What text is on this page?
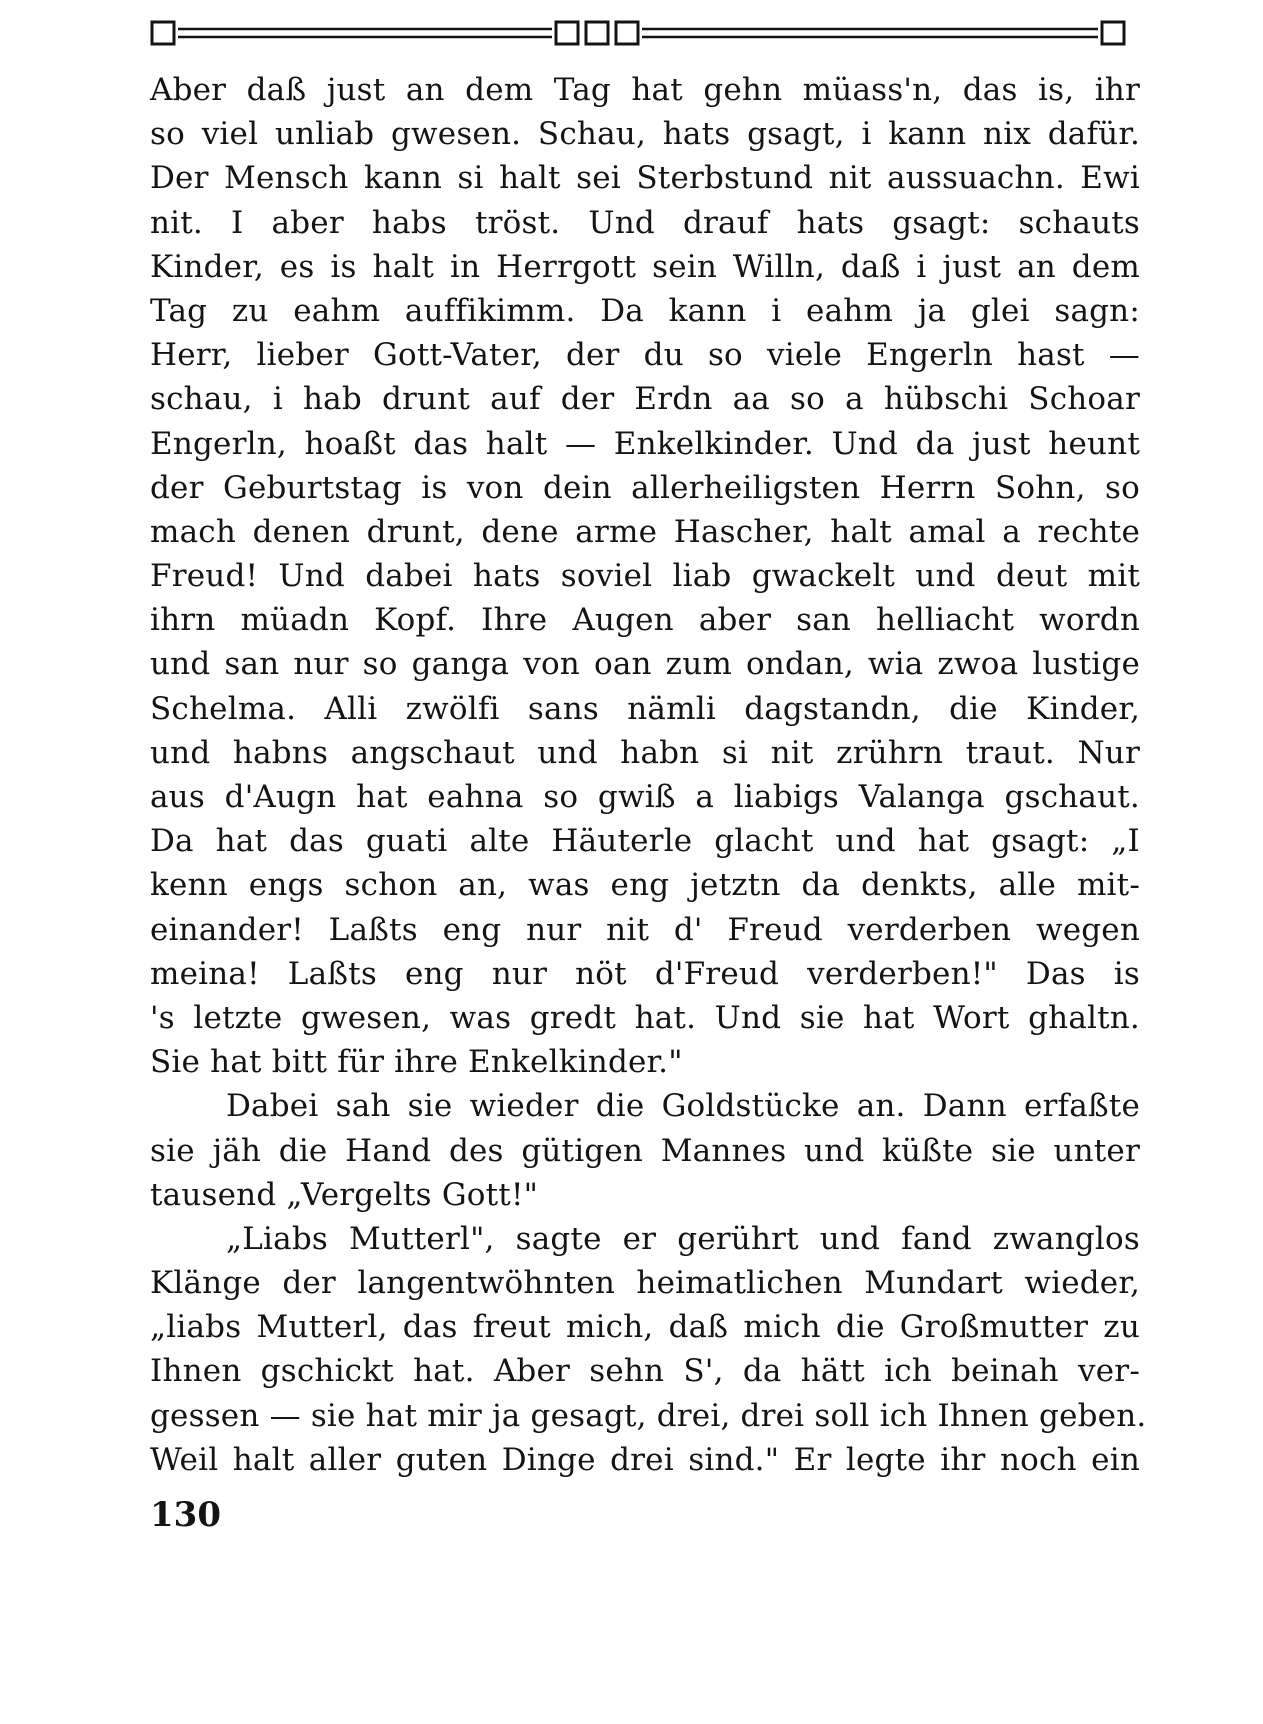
Aber daß just an dem Tag hat gehn müass'n, das is, ihr
so viel unliab gwesen. Schau, hats gsagt, i kann nix dafür.
Der Mensch kann si halt sei Sterbstund nit aussuachn. Ewi
nit. I aber habs tröst. Und drauf hats gsagt: schauts
Kinder, es is halt in Herrgott sein Willn, daß i just an dem
Tag zu eahm auffikimm. Da kann i eahm ja glei sagn:
Herr, lieber Gott-Vater, der du so viele Engerln hast —
schau, i hab drunt auf der Erdn aa so a hübschi Schoar
Engerln, hoaßt das halt — Enkelkinder. Und da just heunt
der Geburtstag is von dein allerheiligsten Herrn Sohn, so
mach denen drunt, dene arme Hascher, halt amal a rechte
Freud! Und dabei hats soviel liab gwackelt und deut mit
ihrn müadn Kopf. Ihre Augen aber san helliacht wordn
und san nur so ganga von oan zum ondan, wia zwoa lustige
Schelma. Alli zwölfi sans nämli dagstandn, die Kinder,
und habns angschaut und habn si nit zrührn traut. Nur
aus d'Augn hat eahna so gwiß a liabigs Valanga gschaut.
Da hat das guati alte Häuterle glacht und hat gsagt: „I
kenn engs schon an, was eng jetztn da denkts, alle mit-
einander! Laßts eng nur nit d' Freud verderben wegen
meina! Laßts eng nur nöt d'Freud verderben!" Das is
's letzte gwesen, was gredt hat. Und sie hat Wort ghaltn.
Sie hat bitt für ihre Enkelkinder."
Dabei sah sie wieder die Goldstücke an. Dann erfaßte
sie jäh die Hand des gütigen Mannes und küßte sie unter
tausend „Vergelts Gott!"
„Liabs Mutterl", sagte er gerührt und fand zwanglos
Klänge der langentwöhnten heimatlichen Mundart wieder,
„liabs Mutterl, das freut mich, daß mich die Großmutter zu
Ihnen gschickt hat. Aber sehn S', da hätt ich beinah ver-
gessen — sie hat mir ja gesagt, drei, drei soll ich Ihnen geben.
Weil halt aller guten Dinge drei sind." Er legte ihr noch ein
130
